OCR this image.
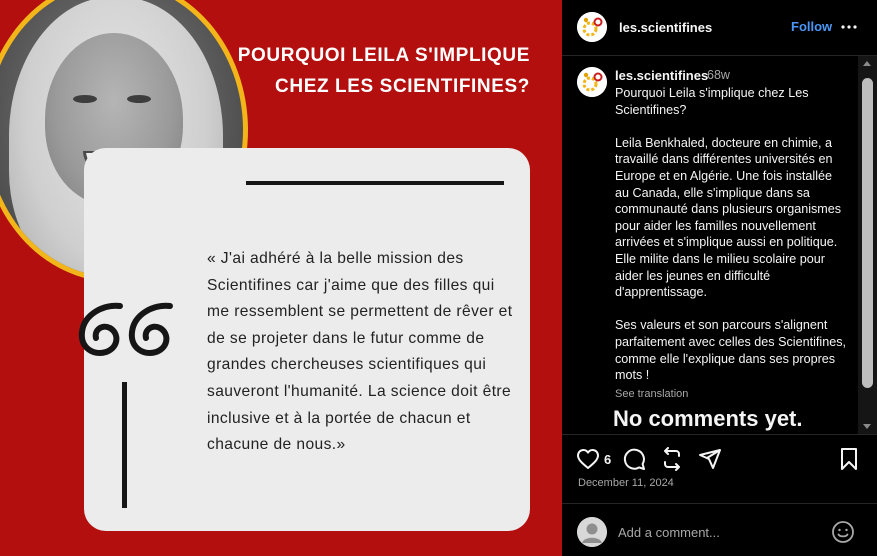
POURQUOI LEILA S'IMPLIQUE CHEZ LES SCIENTIFINES?
« J'ai adhéré à la belle mission des Scientifines car j'aime que des filles qui me ressemblent se permettent de rêver et de se projeter dans le futur comme de grandes chercheuses scientifiques qui sauveront l'humanité. La science doit être inclusive et à la portée de chacun et chacune de nous.»
les.scientifines	Follow
les.scientifines
68w
Pourquoi Leila s'implique chez Les Scientifines?

Leila Benkhaled, docteure en chimie, a travaillé dans différentes universités en Europe et en Algérie. Une fois installée au Canada, elle s'implique dans sa communauté dans plusieurs organismes pour aider les familles nouvellement arrivées et s'implique aussi en politique. Elle milite dans le milieu scolaire pour aider les jeunes en difficulté d'apprentissage.

Ses valeurs et son parcours s'alignent parfaitement avec celles des Scientifines, comme elle l'explique dans ses propres mots !
See translation
No comments yet.
6
December 11, 2024
Add a comment...
